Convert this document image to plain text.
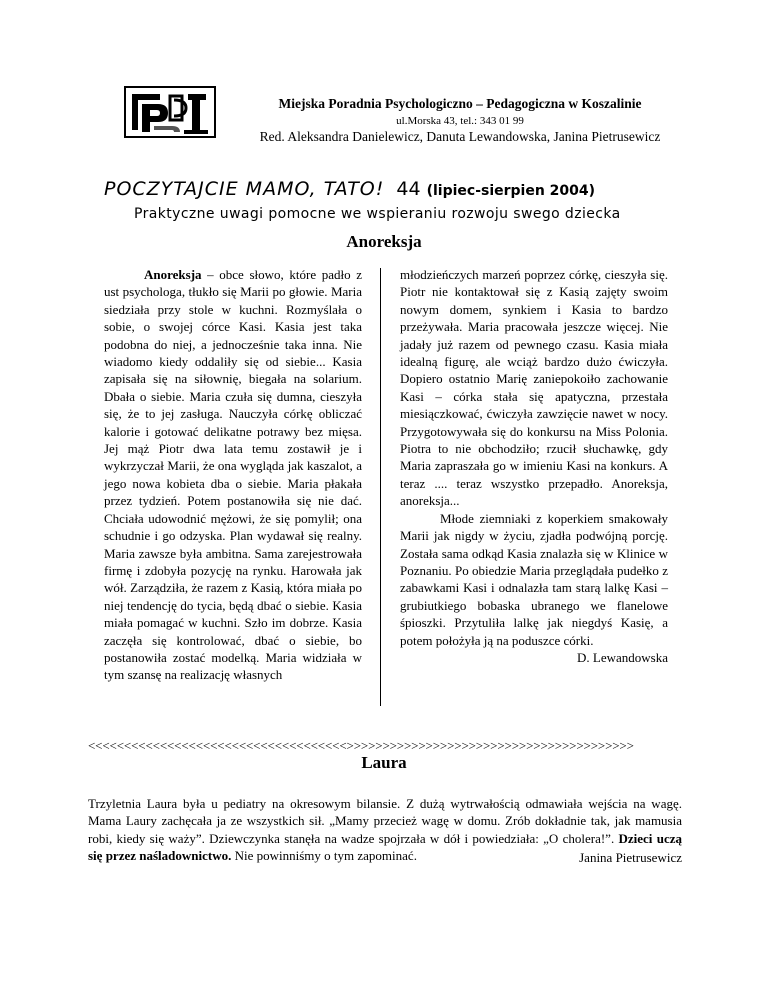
Miejska Poradnia Psychologiczno – Pedagogiczna w Koszalinie
ul.Morska 43, tel.: 343 01 99
Red. Aleksandra Danielewicz, Danuta Lewandowska, Janina Pietrusewicz
POCZYTAJCIE MAMO, TATO! 44 (lipiec-sierpien 2004)
Praktyczne uwagi pomocne we wspieraniu rozwoju swego dziecka
Anoreksja

Anoreksja – obce słowo, które padło z ust psychologa, tłukło się Marii po głowie. Maria siedziała przy stole w kuchni. Rozmyślała o sobie, o swojej córce Kasi. Kasia jest taka podobna do niej, a jednocześnie taka inna. Nie wiadomo kiedy oddaliły się od siebie... Kasia zapisała się na siłownię, biegała na solarium. Dbała o siebie. Maria czuła się dumna, cieszyła się, że to jej zasługa. Nauczyła córkę obliczać kalorie i gotować delikatne potrawy bez mięsa. Jej mąż Piotr dwa lata temu zostawił je i wykrzyczał Marii, że ona wygląda jak kaszalot, a jego nowa kobieta dba o siebie. Maria płakała przez tydzień. Potem postanowiła się nie dać. Chciała udowodnić mężowi, że się pomylił; ona schudnie i go odzyska. Plan wydawał się realny. Maria zawsze była ambitna. Sama zarejestrowała firmę i zdobyła pozycję na rynku. Harowała jak wół. Zarządziła, że razem z Kasią, która miała po niej tendencję do tycia, będą dbać o siebie. Kasia miała pomagać w kuchni. Szło im dobrze. Kasia zaczęła się kontrolować, dbać o siebie, bo postanowiła zostać modelką. Maria widziała w tym szansę na realizację własnych

młodzieńczych marzeń poprzez córkę, cieszyła się. Piotr nie kontaktował się z Kasią zajęty swoim nowym domem, synkiem i Kasia to bardzo przeżywała. Maria pracowała jeszcze więcej. Nie jadały już razem od pewnego czasu. Kasia miała idealną figurę, ale wciąż bardzo dużo ćwiczyła. Dopiero ostatnio Marię zaniepokoiło zachowanie Kasi – córka stała się apatyczna, przestała miesiączkować, ćwiczyła zawzięcie nawet w nocy. Przygotowywała się do konkursu na Miss Polonia. Piotra to nie obchodziło; rzucił słuchawkę, gdy Maria zapraszała go w imieniu Kasi na konkurs. A teraz .... teraz wszystko przepadło. Anoreksja, anoreksja...

Młode ziemniaki z koperkiem smakowały Marii jak nigdy w życiu, zjadła podwójną porcję. Została sama odkąd Kasia znalazła się w Klinice w Poznaniu. Po obiedzie Maria przeglądała pudełko z zabawkami Kasi i odnalazła tam starą lalkę Kasi – grubiutkiego bobaska ubranego we flanelowe śpioszki. Przytuliła lalkę jak niegdyś Kasię, a potem położyła ją na poduszce córki.

D. Lewandowska

<<<<<<<<<<<<<<<<<<<<<<<<<<<<<<<<<<<<>>>>>>>>>>>>>>>>>>>>>>>>>>>>>>>>>>>>>>>>
Laura

Trzyletnia Laura była u pediatry na okresowym bilansie. Z dużą wytrwałością odmawiała wejścia na wagę. Mama Laury zachęcała ja ze wszystkich sił. „Mamy przecież wagę w domu. Zrób dokładnie tak, jak mamusia robi, kiedy się waży”. Dziewczynka stanęła na wadze spojrzała w dół i powiedziała: „O cholera!”. Dzieci uczą się przez naśladownictwo. Nie powinniśmy o tym zapominać.	Janina Pietrusewicz
